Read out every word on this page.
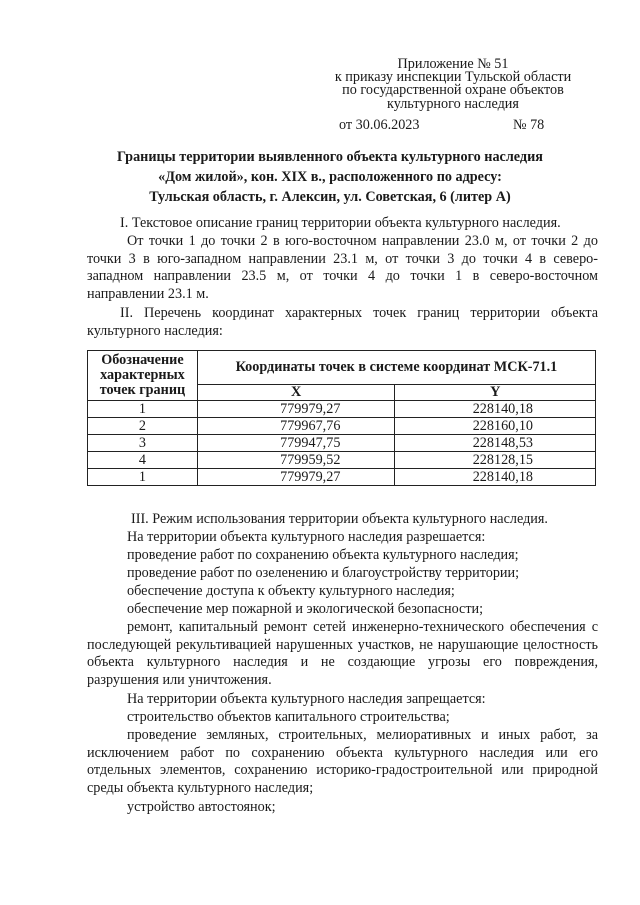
Приложение № 51
к приказу инспекции Тульской области
по государственной охране объектов
культурного наследия
от 30.06.2023	№ 78
Границы территории выявленного объекта культурного наследия
«Дом жилой», кон. XIX в., расположенного по адресу:
Тульская область, г. Алексин, ул. Советская, 6 (литер А)
I. Текстовое описание границ территории объекта культурного наследия.
От точки 1 до точки 2 в юго-восточном направлении 23.0 м, от точки 2 до точки 3 в юго-западном направлении 23.1 м, от точки 3 до точки 4 в северо-западном направлении 23.5 м, от точки 4 до точки 1 в северо-восточном направлении 23.1 м.
II. Перечень координат характерных точек границ территории объекта культурного наследия:
Обозначение характерных точек границ	Координаты точек в системе координат МСК-71.1	
	X	Y
1	779979,27	228140,18
2	779967,76	228160,10
3	779947,75	228148,53
4	779959,52	228128,15
1	779979,27	228140,18
III. Режим использования территории объекта культурного наследия.
На территории объекта культурного наследия разрешается:
проведение работ по сохранению объекта культурного наследия;
проведение работ по озеленению и благоустройству территории;
обеспечение доступа к объекту культурного наследия;
обеспечение мер пожарной и экологической безопасности;
ремонт, капитальный ремонт сетей инженерно-технического обеспечения с последующей рекультивацией нарушенных участков, не нарушающие целостность объекта культурного наследия и не создающие угрозы его повреждения, разрушения или уничтожения.
На территории объекта культурного наследия запрещается:
строительство объектов капитального строительства;
проведение земляных, строительных, мелиоративных и иных работ, за исключением работ по сохранению объекта культурного наследия или его отдельных элементов, сохранению историко-градостроительной или природной среды объекта культурного наследия;
устройство автостоянок;
